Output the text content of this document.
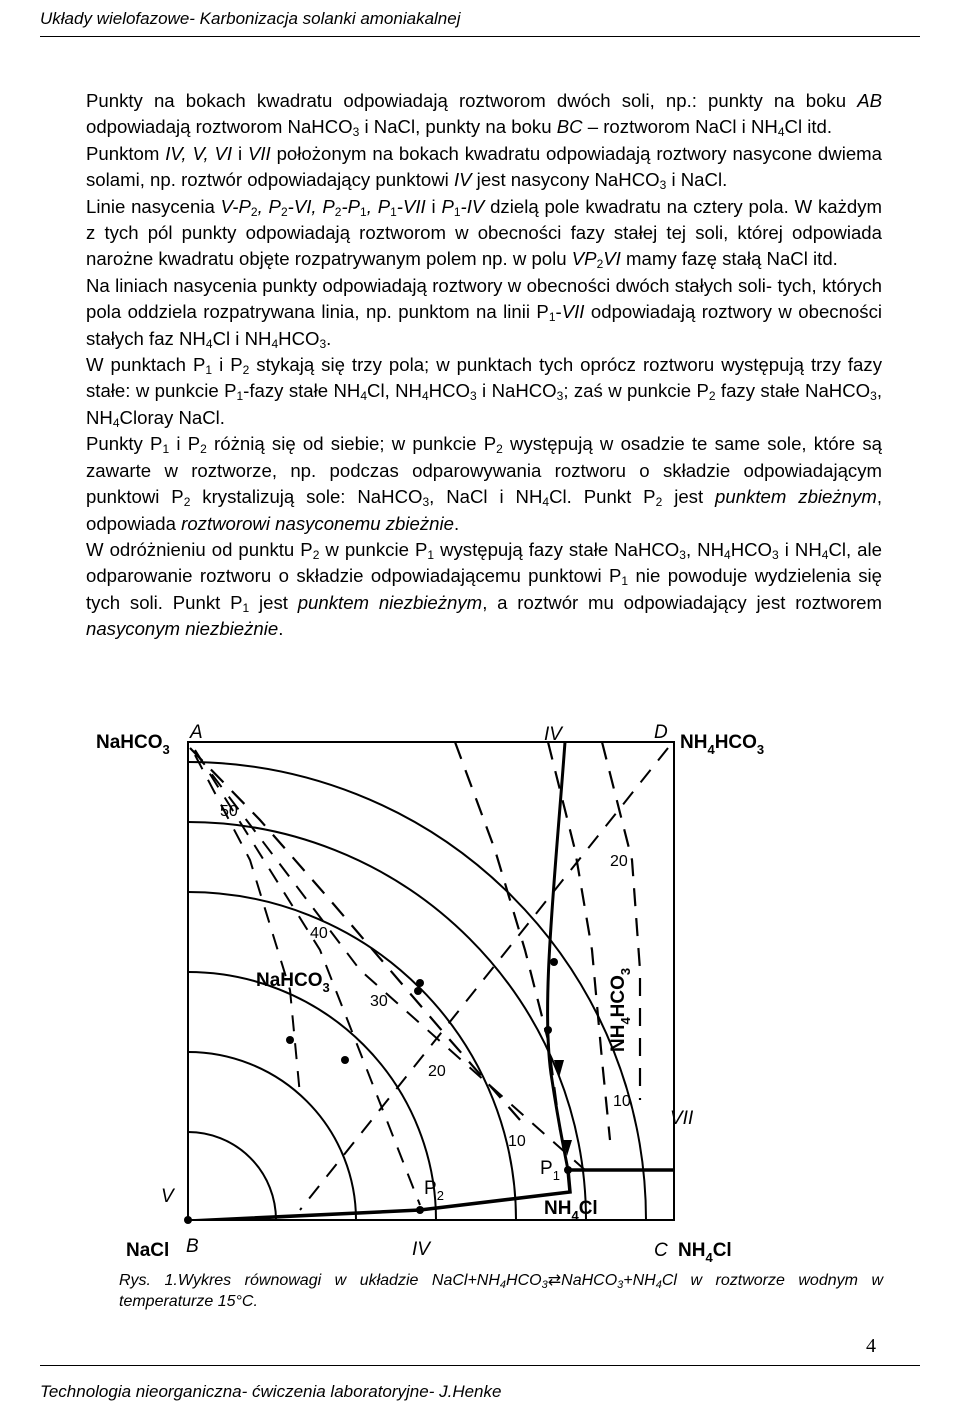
Układy wielofazowe- Karbonizacja solanki amoniakalnej

Punkty na bokach kwadratu odpowiadają roztworom dwóch soli, np.: punkty na boku AB odpowiadają roztworom NaHCO$_3$ i NaCl, punkty na boku BC – roztworom NaCl i $NH_4Cl$ itd.

Punktom IV, V, VI i VII położonym na bokach kwadratu odpowiadają roztwory nasycone dwiema solami, np. roztwór odpowiadający punktowi IV jest nasycony NaHCO$_3$ i NaCl.

Linie nasycenia $V-P_2$, $P_2-VI$, $P_2-P_1$, $P_1$-VII i $P_1-IV$ dzielą pole kwadratu na cztery pola. W każdym z tych pól punkty odpowiadają roztworom w obecności fazy stałej tej soli, której odpowiada narożne kwadratu objęte rozpatrywanym polem np. w polu $VP_2VI$ mamy fazę stałą NaCl itd.

Na liniach nasycenia punkty odpowiadają roztwory w obecności dwóch stałych soli- tych, których pola oddziela rozpatrywana linia, np. punktom na linii $P_1$-VII odpowiadają roztwory w obecności stałych faz $NH_4Cl$ i $NH_4HCO_3$.

W punktach $P_1$ i $P_2$ stykają się trzy pola; w punktach tych oprócz roztworu występują trzy fazy stałe: w punkcie $P_1$-fazy stałe $NH_4Cl$, $NH_4HCO_3$ i NaHCO$_3$; zaś w punkcie $P_2$ fazy stałe NaHCO$_3$, $NH_4Cloray$ NaCl.

Punkty $P_1$ i $P_2$ różnią się od siebie; w punkcie $P_2$ występują w osadzie te same sole, które są zawarte w roztworze, np. podczas odparowywania roztworu o składzie odpowiadającym punktowi $P_2$ krystalizują sole: NaHCO$_3$, NaCl i $NH_4Cl$. Punkt $P_2$ jest punktem zbieżnym, odpowiada roztworowi nasyconemu zbieżnie.

W odróżnieniu od punktu $P_2$ w punkcie $P_1$ występują fazy stałe NaHCO$_3$, $NH_4HCO_3$ i $NH_4Cl$, ale odparowanie roztworu o składzie odpowiadającemu punktowi $P_1$ nie powoduje wydzielenia się tych soli. Punkt $P_1$ jest punktem niezbieżnym, a roztwór mu odpowiadający jest roztworem nasyconym niezbieżnie.

NaHCO$_3$	$NH_4HCO_3$
NaCl	$NH_4Cl$
A	D
B	C
IV
IV
V
VII
$P_1$
$P_2$
NaHCO$_3$
$NH_4HCO_3$
$NH_4Cl$
50
40
30
20
10
20
10
Rys. 1.Wykres równowagi w układzie $NaCl+NH_4HCO_3⇄NaHCO_3+NH_4Cl$ w roztworze wodnym w temperaturze 15°C.
4
Technologia nieorganiczna- ćwiczenia laboratoryjne- J.Henke
